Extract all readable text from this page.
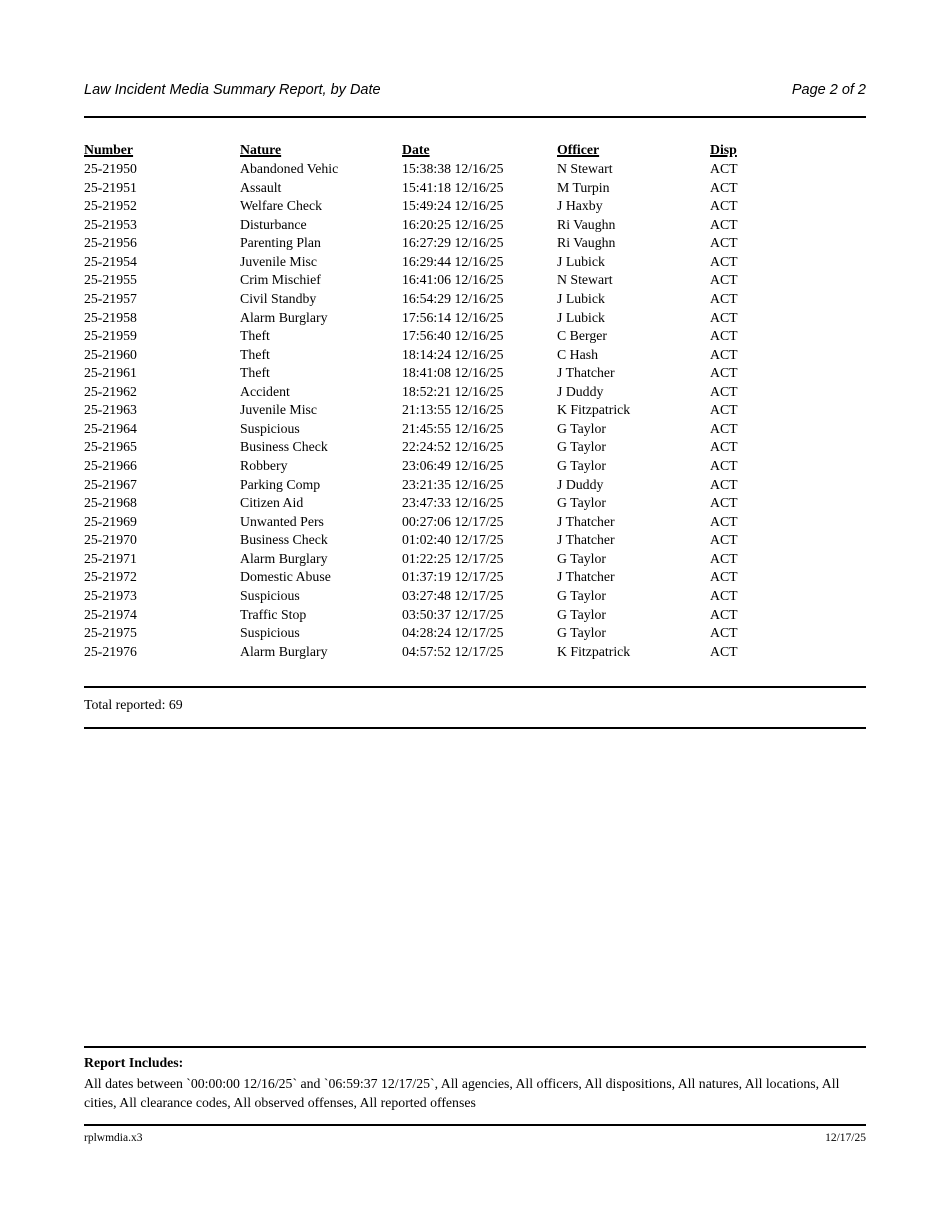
Law Incident Media Summary Report, by Date	Page 2 of 2
Number	Nature	Date	Officer	Disp
25-21950	Abandoned Vehic	15:38:38 12/16/25	N Stewart	ACT
25-21951	Assault	15:41:18 12/16/25	M Turpin	ACT
25-21952	Welfare Check	15:49:24 12/16/25	J Haxby	ACT
25-21953	Disturbance	16:20:25 12/16/25	Ri Vaughn	ACT
25-21956	Parenting Plan	16:27:29 12/16/25	Ri Vaughn	ACT
25-21954	Juvenile Misc	16:29:44 12/16/25	J Lubick	ACT
25-21955	Crim Mischief	16:41:06 12/16/25	N Stewart	ACT
25-21957	Civil Standby	16:54:29 12/16/25	J Lubick	ACT
25-21958	Alarm Burglary	17:56:14 12/16/25	J Lubick	ACT
25-21959	Theft	17:56:40 12/16/25	C Berger	ACT
25-21960	Theft	18:14:24 12/16/25	C Hash	ACT
25-21961	Theft	18:41:08 12/16/25	J Thatcher	ACT
25-21962	Accident	18:52:21 12/16/25	J Duddy	ACT
25-21963	Juvenile Misc	21:13:55 12/16/25	K Fitzpatrick	ACT
25-21964	Suspicious	21:45:55 12/16/25	G Taylor	ACT
25-21965	Business Check	22:24:52 12/16/25	G Taylor	ACT
25-21966	Robbery	23:06:49 12/16/25	G Taylor	ACT
25-21967	Parking Comp	23:21:35 12/16/25	J Duddy	ACT
25-21968	Citizen Aid	23:47:33 12/16/25	G Taylor	ACT
25-21969	Unwanted Pers	00:27:06 12/17/25	J Thatcher	ACT
25-21970	Business Check	01:02:40 12/17/25	J Thatcher	ACT
25-21971	Alarm Burglary	01:22:25 12/17/25	G Taylor	ACT
25-21972	Domestic Abuse	01:37:19 12/17/25	J Thatcher	ACT
25-21973	Suspicious	03:27:48 12/17/25	G Taylor	ACT
25-21974	Traffic Stop	03:50:37 12/17/25	G Taylor	ACT
25-21975	Suspicious	04:28:24 12/17/25	G Taylor	ACT
25-21976	Alarm Burglary	04:57:52 12/17/25	K Fitzpatrick	ACT
Total reported: 69
Report Includes:
All dates between `00:00:00 12/16/25` and `06:59:37 12/17/25`, All agencies, All officers, All dispositions, All natures, All locations, All cities, All clearance codes, All observed offenses, All reported offenses
rplwmdia.x3	12/17/25
